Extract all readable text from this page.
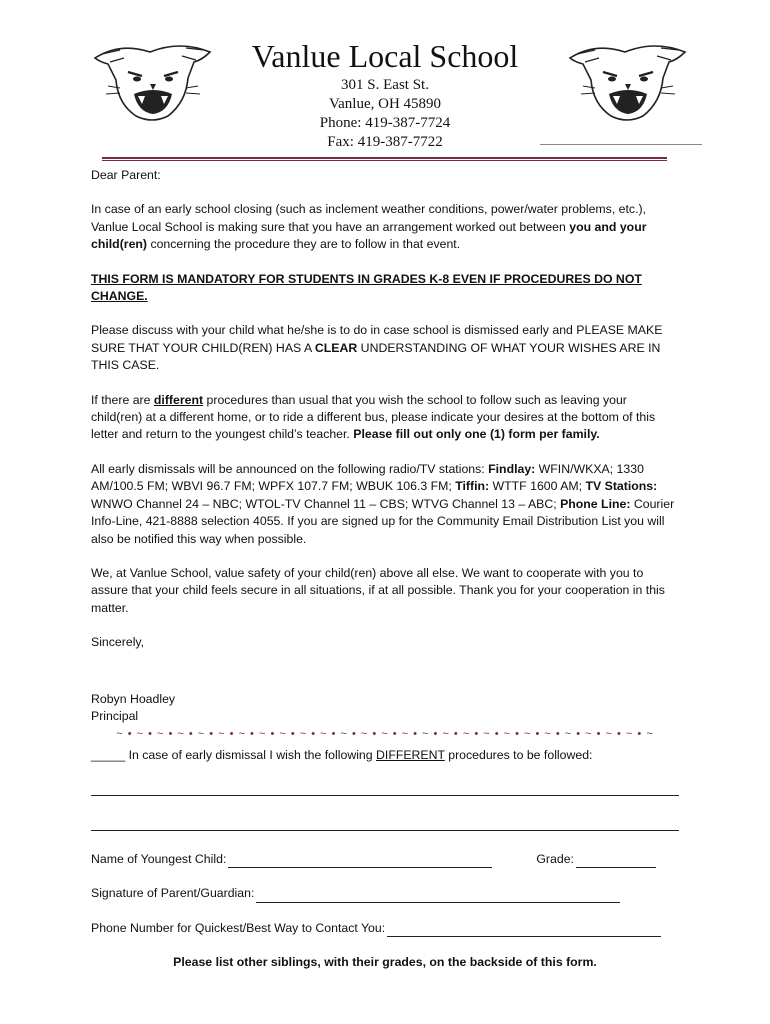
Vanlue Local School
301 S. East St.
Vanlue, OH 45890
Phone: 419-387-7724
Fax: 419-387-7722

Dear Parent:

In case of an early school closing (such as inclement weather conditions, power/water problems, etc.), Vanlue Local School is making sure that you have an arrangement worked out between you and your child(ren) concerning the procedure they are to follow in that event.

THIS FORM IS MANDATORY FOR STUDENTS IN GRADES K-8 EVEN IF PROCEDURES DO NOT CHANGE.

Please discuss with your child what he/she is to do in case school is dismissed early and PLEASE MAKE SURE THAT YOUR CHILD(REN) HAS A CLEAR UNDERSTANDING OF WHAT YOUR WISHES ARE IN THIS CASE.

If there are different procedures than usual that you wish the school to follow such as leaving your child(ren) at a different home, or to ride a different bus, please indicate your desires at the bottom of this letter and return to the youngest child’s teacher. Please fill out only one (1) form per family.

All early dismissals will be announced on the following radio/TV stations: Findlay: WFIN/WKXA; 1330 AM/100.5 FM; WBVI 96.7 FM; WPFX 107.7 FM; WBUK 106.3 FM; Tiffin: WTTF 1600 AM; TV Stations: WNWO Channel 24 – NBC; WTOL-TV Channel 11 – CBS; WTVG Channel 13 – ABC; Phone Line: Courier Info-Line, 421-8888 selection 4055. If you are signed up for the Community Email Distribution List you will also be notified this way when possible.

We, at Vanlue School, value safety of your child(ren) above all else. We want to cooperate with you to assure that your child feels secure in all situations, if at all possible. Thank you for your cooperation in this matter.

Sincerely,

Robyn Hoadley
Principal
~ • ~ • ~ • ~ • ~ • ~ • ~ • ~ • ~ • ~ • ~ • ~ • ~ • ~ • ~ • ~ • ~ • ~ • ~ • ~ • ~ • ~ • ~ • ~ • ~ • ~ • ~

_____ In case of early dismissal I wish the following DIFFERENT procedures to be followed:

Name of Youngest Child:	Grade:
Signature of Parent/Guardian:
Phone Number for Quickest/Best Way to Contact You:
Please list other siblings, with their grades, on the backside of this form.
